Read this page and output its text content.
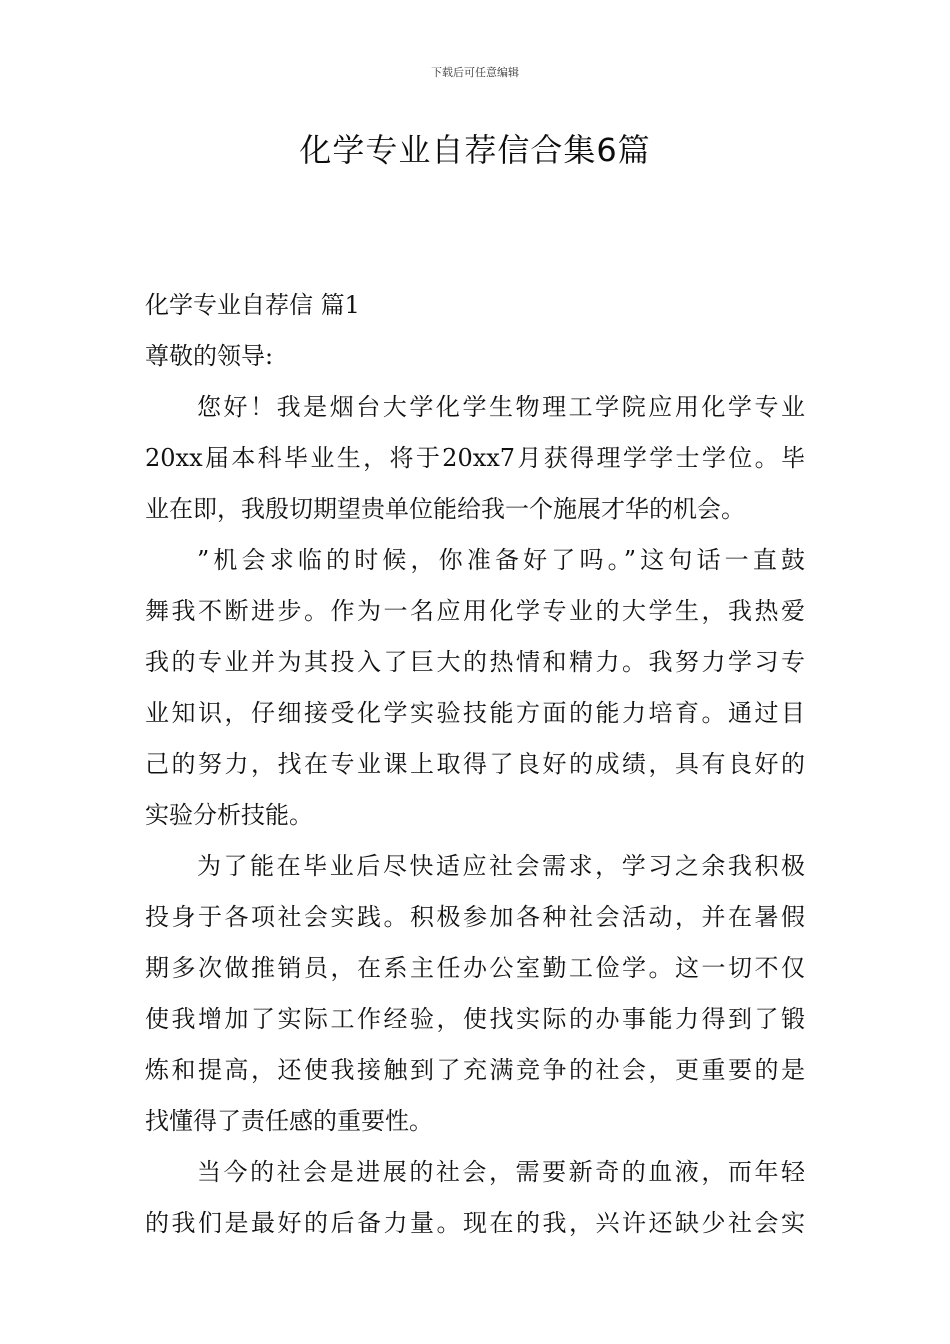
下载后可任意编辑
化学专业自荐信合集6篇
化学专业自荐信 篇1
尊敬的领导:
您好！我是烟台大学化学生物理工学院应用化学专业
20xx届本科毕业生，将于20xx7月获得理学学士学位。毕
业在即，我殷切期望贵单位能给我一个施展才华的机会。
”机会求临的时候，你准备好了吗。”这句话一直鼓
舞我不断进步。作为一名应用化学专业的大学生，我热爱
我的专业并为其投入了巨大的热情和精力。我努力学习专
业知识，仔细接受化学实验技能方面的能力培育。通过目
己的努力，找在专业课上取得了良好的成绩，具有良好的
实验分析技能。
为了能在毕业后尽快适应社会需求，学习之余我积极
投身于各项社会实践。积极参加各种社会活动，并在暑假
期多次做推销员，在系主任办公室勤工俭学。这一切不仅
使我增加了实际工作经验，使找实际的办事能力得到了锻
炼和提高，还使我接触到了充满竞争的社会，更重要的是
找懂得了责任感的重要性。
当今的社会是进展的社会，需要新奇的血液，而年轻
的我们是最好的后备力量。现在的我，兴许还缺少社会实
